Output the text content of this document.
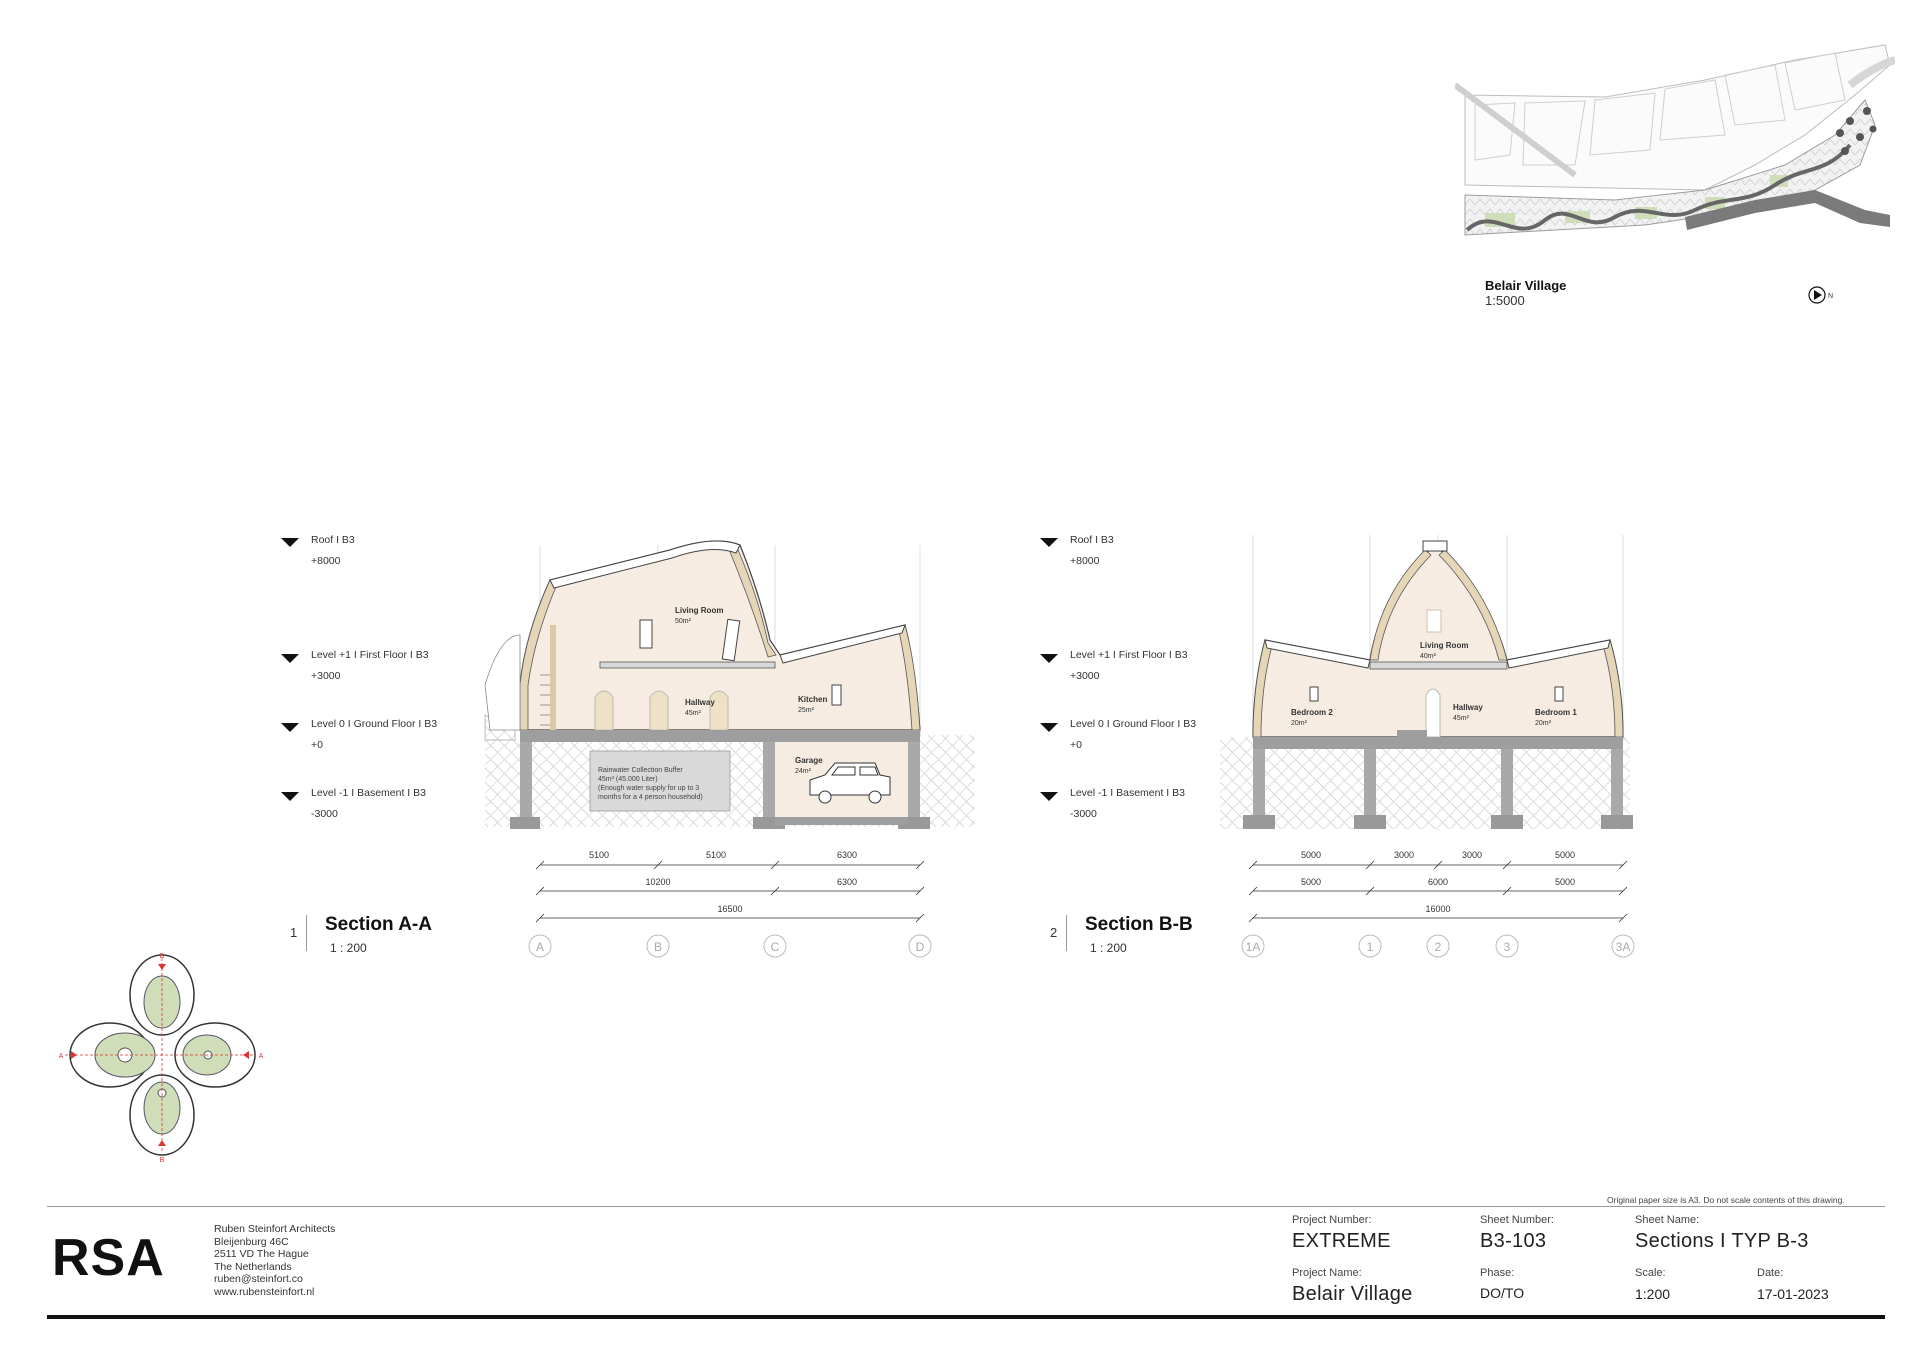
Belair Village
1:5000	N
Roof I B3
+8000
Level +1 I First Floor I B3
+3000
Level 0 I Ground Floor I B3
+0
Level -1 I Basement I B3
-3000
Roof I B3
+8000
Level +1 I First Floor I B3
+3000
Level 0 I Ground Floor I B3
+0
Level -1 I Basement I B3
-3000
Living Room
50m²
Hallway
45m²
Kitchen
25m²
Garage
24m²
Rainwater Collection Buffer
45m³ (45.000 Liter)
(Enough water supply for up to 3
months for a 4 person household)
5100	5100	6300
10200	6300
16500
A	B	C	D
1 Section A-A
1 : 200
Living Room
40m²
Hallway
45m²
Bedroom 2
20m²
Bedroom 1
20m²
5000	3000	3000	5000
5000	6000	5000
16000
1A	1	2	3	3A
2 Section B-B
1 : 200
B
A	A
B
Original paper size is A3. Do not scale contents of this drawing.
RSA	Ruben Steinfort Architects
Bleijenburg 46C
2511 VD The Hague
The Netherlands
ruben@steinfort.co
www.rubensteinfort.nl
Project Number:
EXTREME
Sheet Number:
B3-103
Sheet Name:
Sections I TYP B-3
Project Name:
Belair Village
Phase:
DO/TO
Scale:
1:200
Date:
17-01-2023
